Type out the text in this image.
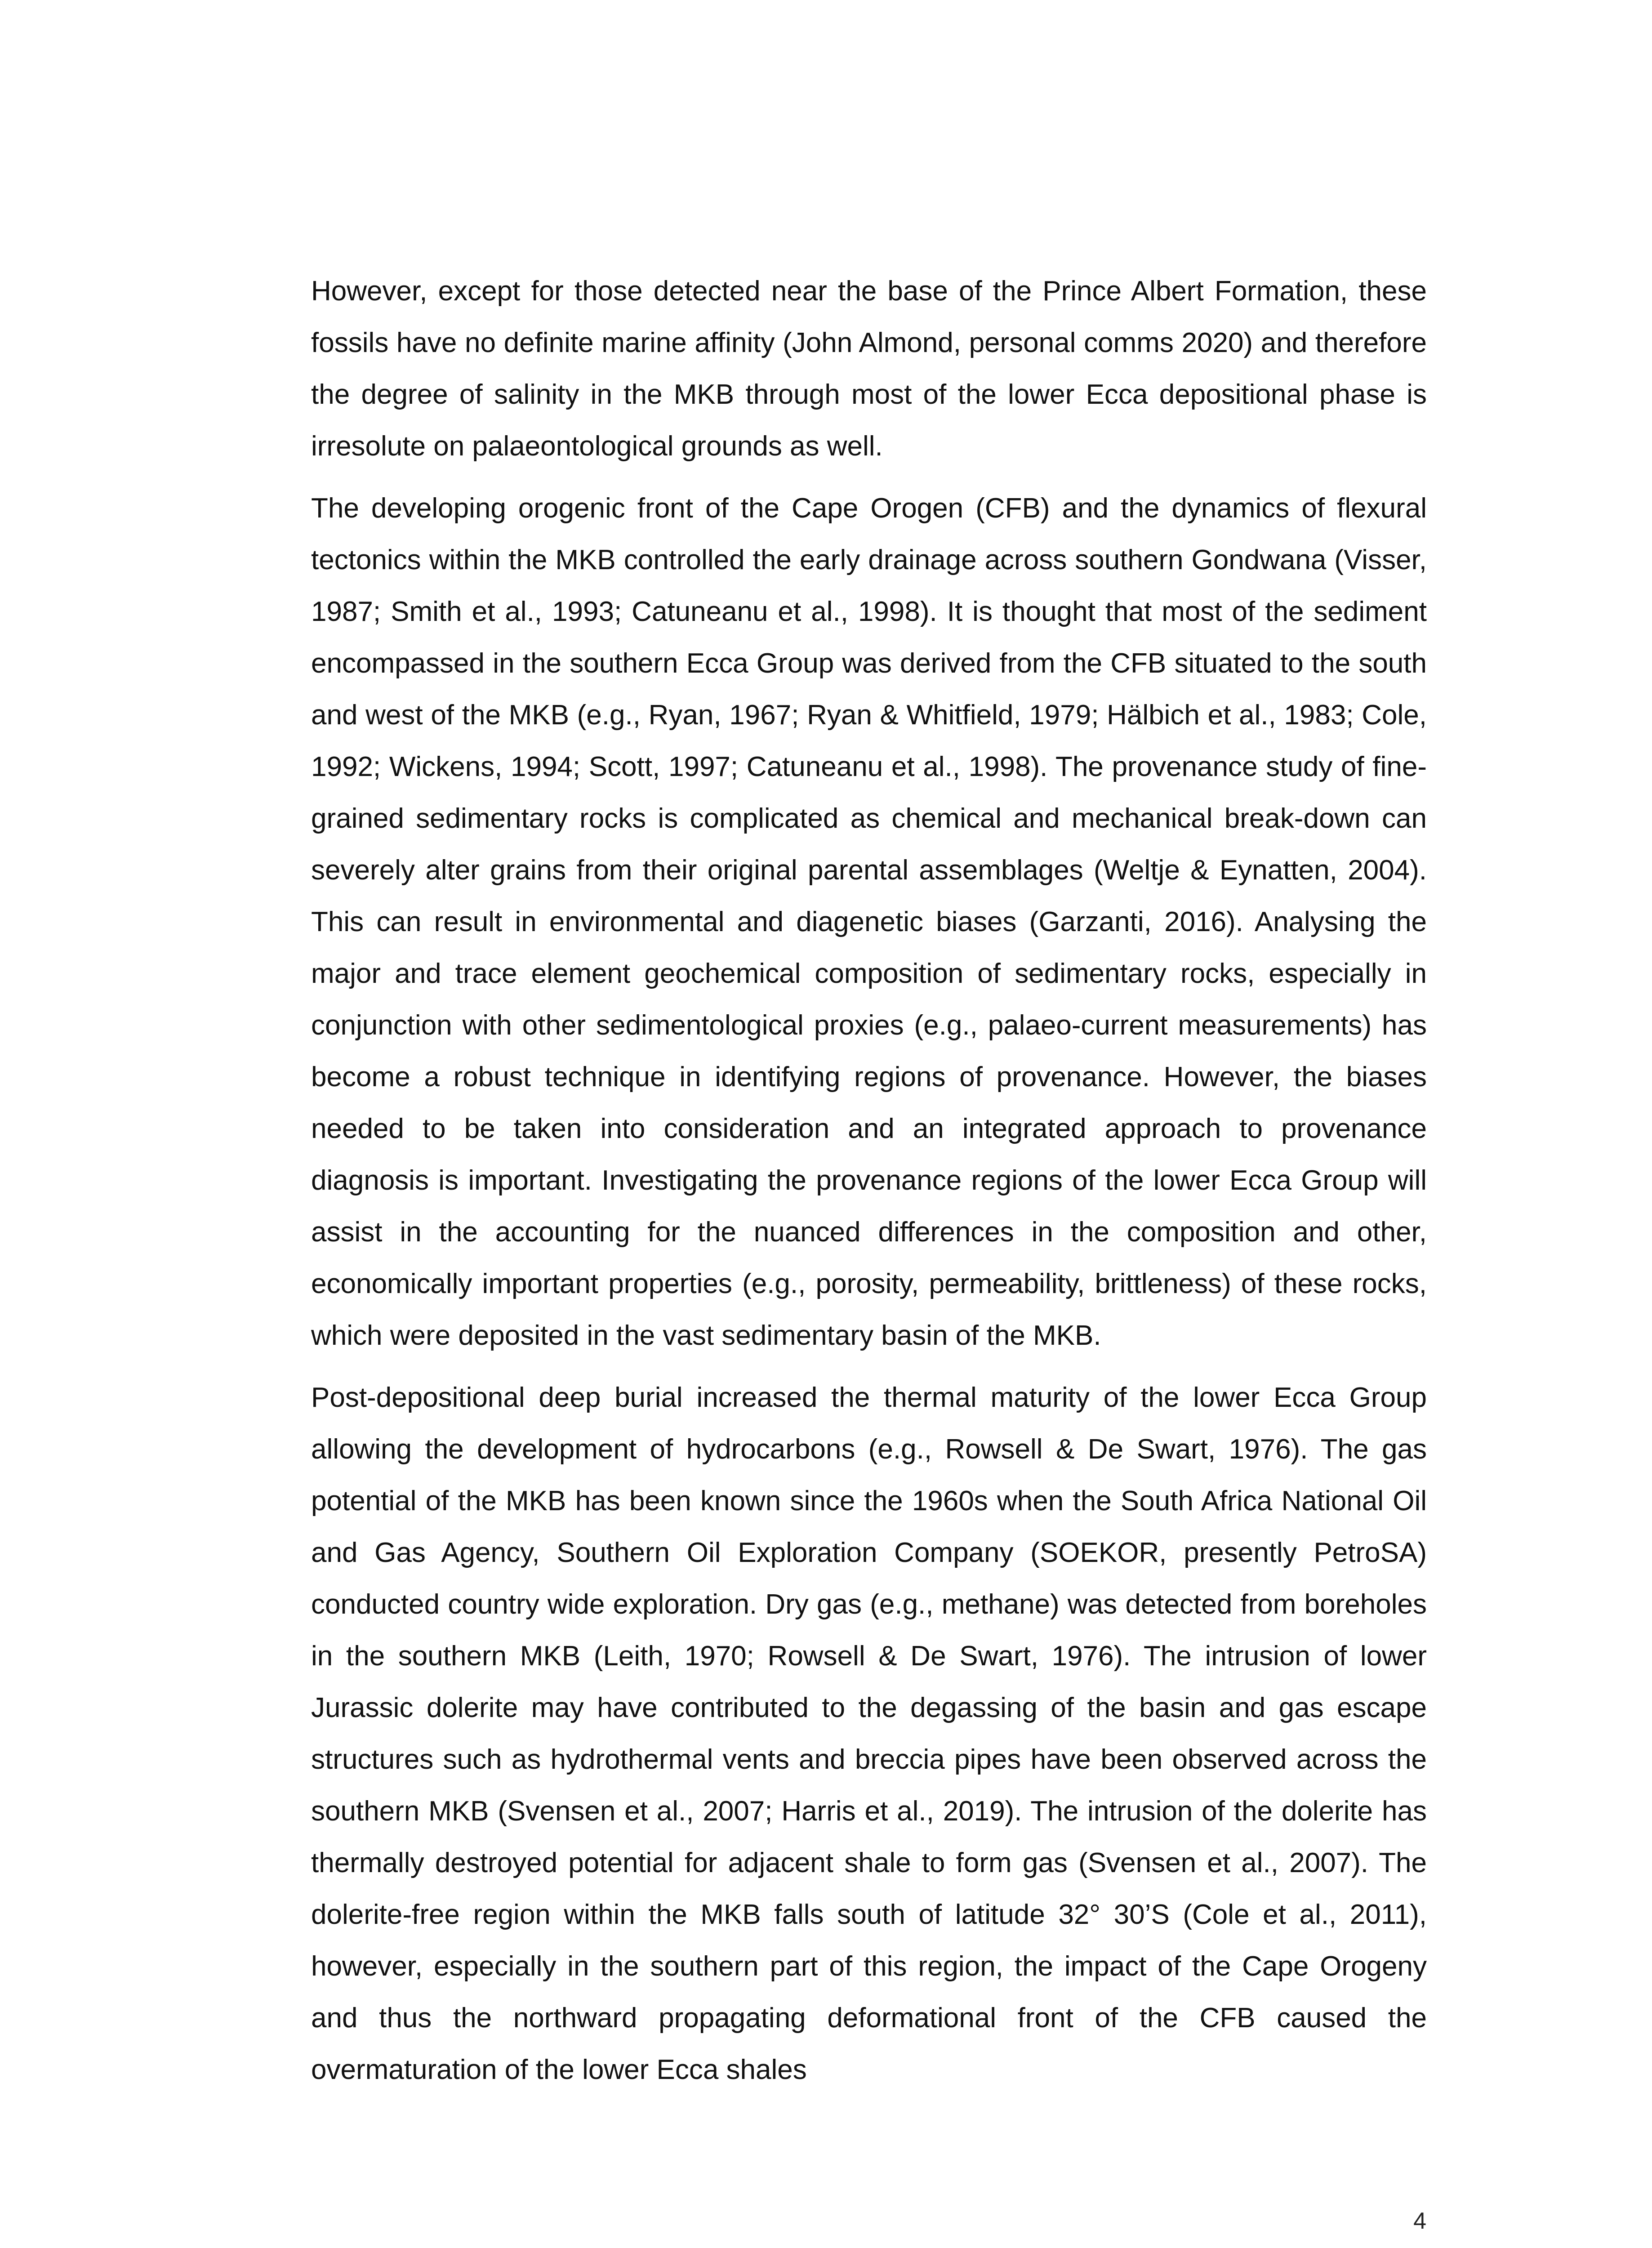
However, except for those detected near the base of the Prince Albert Formation, these fossils have no definite marine affinity (John Almond, personal comms 2020) and therefore the degree of salinity in the MKB through most of the lower Ecca depositional phase is irresolute on palaeontological grounds as well.

The developing orogenic front of the Cape Orogen (CFB) and the dynamics of flexural tectonics within the MKB controlled the early drainage across southern Gondwana (Visser, 1987; Smith et al., 1993; Catuneanu et al., 1998). It is thought that most of the sediment encompassed in the southern Ecca Group was derived from the CFB situated to the south and west of the MKB (e.g., Ryan, 1967; Ryan & Whitfield, 1979; Hälbich et al., 1983; Cole, 1992; Wickens, 1994; Scott, 1997; Catuneanu et al., 1998). The provenance study of fine-grained sedimentary rocks is complicated as chemical and mechanical break-down can severely alter grains from their original parental assemblages (Weltje & Eynatten, 2004). This can result in environmental and diagenetic biases (Garzanti, 2016). Analysing the major and trace element geochemical composition of sedimentary rocks, especially in conjunction with other sedimentological proxies (e.g., palaeo-current measurements) has become a robust technique in identifying regions of provenance. However, the biases needed to be taken into consideration and an integrated approach to provenance diagnosis is important. Investigating the provenance regions of the lower Ecca Group will assist in the accounting for the nuanced differences in the composition and other, economically important properties (e.g., porosity, permeability, brittleness) of these rocks, which were deposited in the vast sedimentary basin of the MKB.

Post-depositional deep burial increased the thermal maturity of the lower Ecca Group allowing the development of hydrocarbons (e.g., Rowsell & De Swart, 1976). The gas potential of the MKB has been known since the 1960s when the South Africa National Oil and Gas Agency, Southern Oil Exploration Company (SOEKOR, presently PetroSA) conducted country wide exploration. Dry gas (e.g., methane) was detected from boreholes in the southern MKB (Leith, 1970; Rowsell & De Swart, 1976). The intrusion of lower Jurassic dolerite may have contributed to the degassing of the basin and gas escape structures such as hydrothermal vents and breccia pipes have been observed across the southern MKB (Svensen et al., 2007; Harris et al., 2019). The intrusion of the dolerite has thermally destroyed potential for adjacent shale to form gas (Svensen et al., 2007). The dolerite-free region within the MKB falls south of latitude 32° 30’S (Cole et al., 2011), however, especially in the southern part of this region, the impact of the Cape Orogeny and thus the northward propagating deformational front of the CFB caused the overmaturation of the lower Ecca shales

4
